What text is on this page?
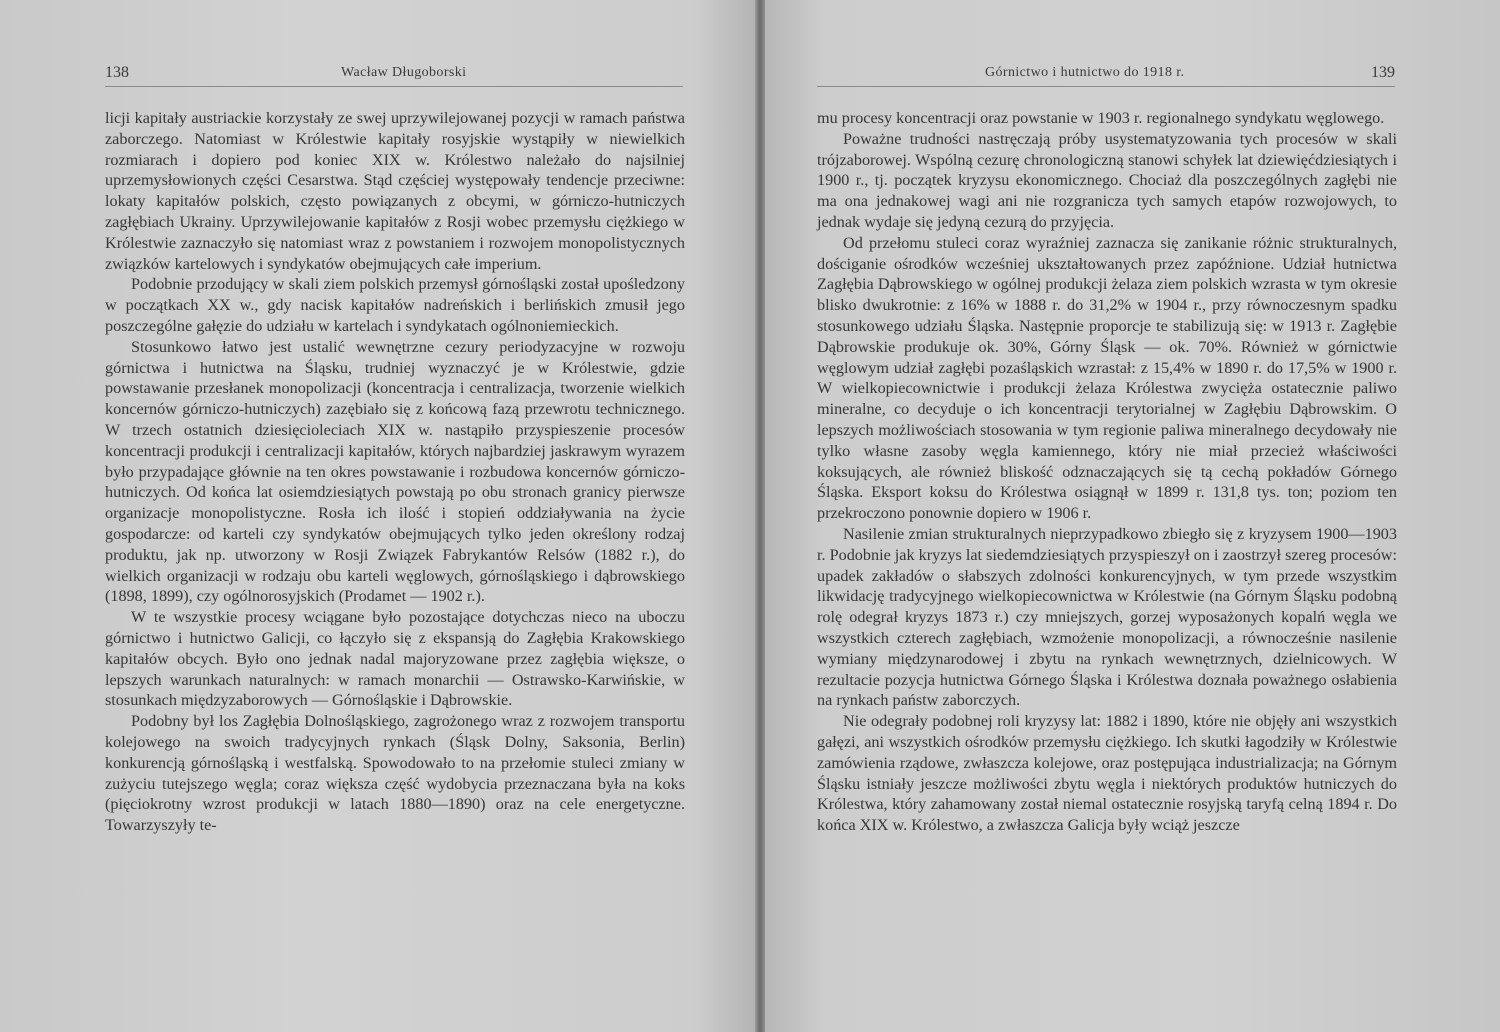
138	Wacław Długoborski

licji kapitały austriackie korzystały ze swej uprzywilejowanej pozycji w ramach państwa zaborczego. Natomiast w Królestwie kapitały rosyjskie wystąpiły w niewielkich rozmiarach i dopiero pod koniec XIX w. Królestwo należało do najsilniej uprzemysłowionych części Cesarstwa. Stąd częściej występowały tendencje przeciwne: lokaty kapitałów polskich, często powiązanych z obcymi, w górniczo-hutniczych zagłębiach Ukrainy. Uprzywilejowanie kapitałów z Rosji wobec przemysłu ciężkiego w Królestwie zaznaczyło się natomiast wraz z powstaniem i rozwojem monopolistycznych związków kartelowych i syndykatów obejmujących całe imperium.

Podobnie przodujący w skali ziem polskich przemysł górnośląski został upośledzony w początkach XX w., gdy nacisk kapitałów nadreńskich i berlińskich zmusił jego poszczególne gałęzie do udziału w kartelach i syndykatach ogólnoniemieckich.

Stosunkowo łatwo jest ustalić wewnętrzne cezury periodyzacyjne w rozwoju górnictwa i hutnictwa na Śląsku, trudniej wyznaczyć je w Królestwie, gdzie powstawanie przesłanek monopolizacji (koncentracja i centralizacja, tworzenie wielkich koncernów górniczo-hutniczych) zazębiało się z końcową fazą przewrotu technicznego. W trzech ostatnich dziesięcioleciach XIX w. nastąpiło przyspieszenie procesów koncentracji produkcji i centralizacji kapitałów, których najbardziej jaskrawym wyrazem było przypadające głównie na ten okres powstawanie i rozbudowa koncernów górniczo-hutniczych. Od końca lat osiemdziesiątych powstają po obu stronach granicy pierwsze organizacje monopolistyczne. Rosła ich ilość i stopień oddziaływania na życie gospodarcze: od karteli czy syndykatów obejmujących tylko jeden określony rodzaj produktu, jak np. utworzony w Rosji Związek Fabrykantów Relsów (1882 r.), do wielkich organizacji w rodzaju obu karteli węglowych, górnośląskiego i dąbrowskiego (1898, 1899), czy ogólnorosyjskich (Prodamet — 1902 r.).

W te wszystkie procesy wciągane było pozostające dotychczas nieco na uboczu górnictwo i hutnictwo Galicji, co łączyło się z ekspansją do Zagłębia Krakowskiego kapitałów obcych. Było ono jednak nadal majoryzowane przez zagłębia większe, o lepszych warunkach naturalnych: w ramach monarchii — Ostrawsko-Karwińskie, w stosunkach międzyzaborowych — Górnośląskie i Dąbrowskie.

Podobny był los Zagłębia Dolnośląskiego, zagrożonego wraz z rozwojem transportu kolejowego na swoich tradycyjnych rynkach (Śląsk Dolny, Saksonia, Berlin) konkurencją górnośląską i westfalską. Spowodowało to na przełomie stuleci zmiany w zużyciu tutejszego węgla; coraz większa część wydobycia przeznaczana była na koks (pięciokrotny wzrost produkcji w latach 1880—1890) oraz na cele energetyczne. Towarzyszyły te-

Górnictwo i hutnictwo do 1918 r.	139

mu procesy koncentracji oraz powstanie w 1903 r. regionalnego syndykatu węglowego.

Poważne trudności nastręczają próby usystematyzowania tych procesów w skali trójzaborowej. Wspólną cezurę chronologiczną stanowi schyłek lat dziewięćdziesiątych i 1900 r., tj. początek kryzysu ekonomicznego. Chociaż dla poszczególnych zagłębi nie ma ona jednakowej wagi ani nie rozgranicza tych samych etapów rozwojowych, to jednak wydaje się jedyną cezurą do przyjęcia.

Od przełomu stuleci coraz wyraźniej zaznacza się zanikanie różnic strukturalnych, dościganie ośrodków wcześniej ukształtowanych przez zapóźnione. Udział hutnictwa Zagłębia Dąbrowskiego w ogólnej produkcji żelaza ziem polskich wzrasta w tym okresie blisko dwukrotnie: z 16% w 1888 r. do 31,2% w 1904 r., przy równoczesnym spadku stosunkowego udziału Śląska. Następnie proporcje te stabilizują się: w 1913 r. Zagłębie Dąbrowskie produkuje ok. 30%, Górny Śląsk — ok. 70%. Również w górnictwie węglowym udział zagłębi pozaśląskich wzrastał: z 15,4% w 1890 r. do 17,5% w 1900 r. W wielkopiecownictwie i produkcji żelaza Królestwa zwycięża ostatecznie paliwo mineralne, co decyduje o ich koncentracji terytorialnej w Zagłębiu Dąbrowskim. O lepszych możliwościach stosowania w tym regionie paliwa mineralnego decydowały nie tylko własne zasoby węgla kamiennego, który nie miał przecież właściwości koksujących, ale również bliskość odznaczających się tą cechą pokładów Górnego Śląska. Eksport koksu do Królestwa osiągnął w 1899 r. 131,8 tys. ton; poziom ten przekroczono ponownie dopiero w 1906 r.

Nasilenie zmian strukturalnych nieprzypadkowo zbiegło się z kryzysem 1900—1903 r. Podobnie jak kryzys lat siedemdziesiątych przyspieszył on i zaostrzył szereg procesów: upadek zakładów o słabszych zdolności konkurencyjnych, w tym przede wszystkim likwidację tradycyjnego wielkopiecownictwa w Królestwie (na Górnym Śląsku podobną rolę odegrał kryzys 1873 r.) czy mniejszych, gorzej wyposażonych kopalń węgla we wszystkich czterech zagłębiach, wzmożenie monopolizacji, a równocześnie nasilenie wymiany międzynarodowej i zbytu na rynkach wewnętrznych, dzielnicowych. W rezultacie pozycja hutnictwa Górnego Śląska i Królestwa doznała poważnego osłabienia na rynkach państw zaborczych.

Nie odegrały podobnej roli kryzysy lat: 1882 i 1890, które nie objęły ani wszystkich gałęzi, ani wszystkich ośrodków przemysłu ciężkiego. Ich skutki łagodziły w Królestwie zamówienia rządowe, zwłaszcza kolejowe, oraz postępująca industrializacja; na Górnym Śląsku istniały jeszcze możliwości zbytu węgla i niektórych produktów hutniczych do Królestwa, który zahamowany został niemal ostatecznie rosyjską taryfą celną 1894 r. Do końca XIX w. Królestwo, a zwłaszcza Galicja były wciąż jeszcze
